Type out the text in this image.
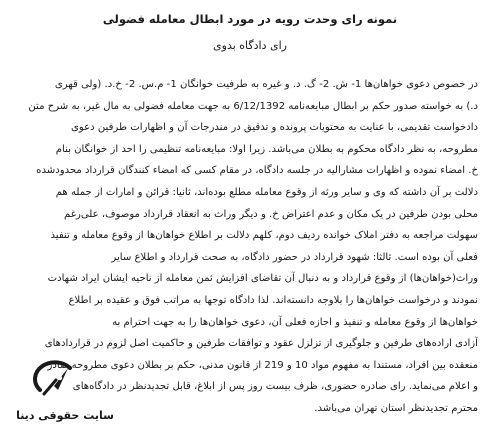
نمونه رای وحدت رویه در مورد ابطال معامله فضولی
رای دادگاه بدوی
در خصوص دعوی خواهان‌ها 1- ش. 2- گ. د. و غیره به طرفیت خوانگان 1- م.س. 2- خ.د. (ولی قهری
د.) به خواسته صدور حکم بر ابطال مبایعه‌نامه 6/12/1392 به جهت معامله فضولی به مال غیر، به شرح متن
دادخواست تقدیمی، با عنایت به محتویات پرونده و تدقیق در مندرجات آن و اظهارات طرفین دعوی
مطروحه، به نظر دادگاه محکوم به بطلان می‌باشد. زیرا اولا: مبایعه‌نامه تنظیمی را احد از خوانگان بنام
خ. امضاء نموده و اظهارات مشارالیه در جلسه دادگاه، در مقام کسی که امضاء کنندگان قرارداد محدودشده
دلالت بر آن داشته که وی و سایر ورثه از وقوع معامله مطلع بوده‌اند، ثانیا: قرائن و امارات از جمله هم
محلی بودن طرفین در یک مکان و عدم اعتراض خ. و دیگر وراث به انعقاد قرارداد موصوف، علی‌رغم
سهولت مراجعه به دفتر املاک خوانده ردیف دوم، کلهم دلالت بر اطلاع خواهان‌ها از وقوع معامله و تنفیذ
فعلی آن بوده است. ثالثا: شهود قرارداد در حضور دادگاه، به صحت قرارداد و اطلاع سایر
وراث(خواهان‌ها) از وقوع قرارداد و به دنبال آن تقاضای افزایش ثمن معامله از ناحیه ایشان ایراد شهادت
نمودند و درخواست خواهان‌ها را بلاوجه دانسته‌اند. لذا دادگاه توجها به مراتب فوق و عقیده بر اطلاع
خواهان‌ها از وقوع معامله و تنفیذ و اجازه فعلی آن، دعوی خواهان‌ها را به جهت احترام به
آزادی اراده‌های طرفین و جلوگیری از تزلزل عقود و توافقات طرفین و حاکمیت اصل لزوم در قراردادهای
منعقده بین افراد، مستندا به مفهوم مواد 10 و 219 از قانون مدنی، حکم بر بطلان دعوی مطروحه صادر
و اعلام می‌نماید. رای صادره حضوری، ظرف بیست روز پس از ابلاغ، قابل تجدیدنظر در دادگاه‌های
محترم تجدیدنظر استان تهران می‌باشد.
سایت حقوقی دینا
